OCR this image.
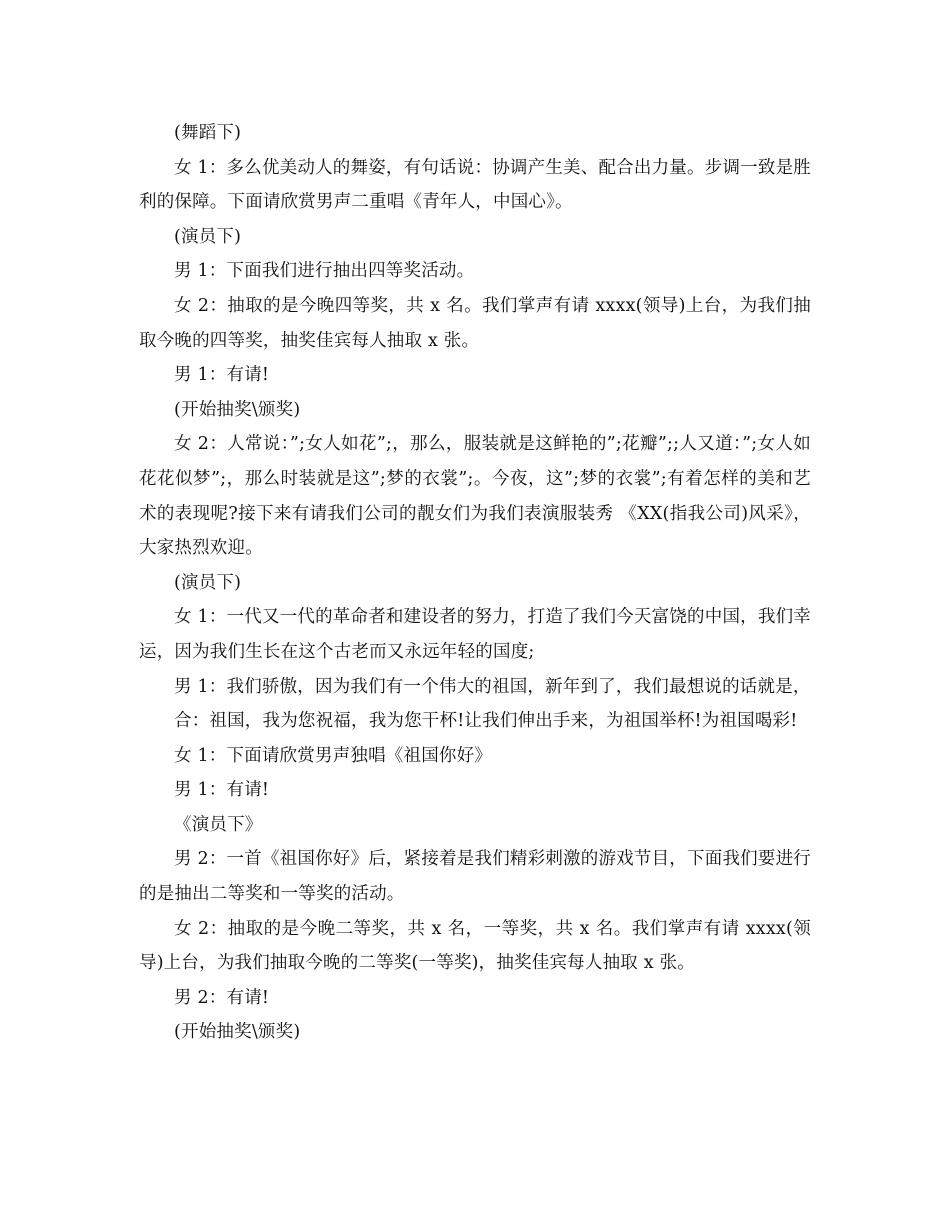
(舞蹈下)

女 1：多么优美动人的舞姿，有句话说：协调产生美、配合出力量。步调一致是胜利的保障。下面请欣赏男声二重唱《青年人，中国心》。

(演员下)

男 1：下面我们进行抽出四等奖活动。

女 2：抽取的是今晚四等奖，共 x 名。我们掌声有请 xxxx(领导)上台，为我们抽取今晚的四等奖，抽奖佳宾每人抽取 x 张。

男 1：有请!

(开始抽奖\颁奖)

女 2：人常说：”;女人如花”;，那么，服装就是这鲜艳的”;花瓣”;;人又道：”;女人如花花似梦”;，那么时装就是这”;梦的衣裳”;。今夜，这”;梦的衣裳”;有着怎样的美和艺术的表现呢?接下来有请我们公司的靓女们为我们表演服装秀 《XX(指我公司)风采》，大家热烈欢迎。

(演员下)

女 1：一代又一代的革命者和建设者的努力，打造了我们今天富饶的中国，我们幸运，因为我们生长在这个古老而又永远年轻的国度;

男 1：我们骄傲，因为我们有一个伟大的祖国，新年到了，我们最想说的话就是，

合：祖国，我为您祝福，我为您干杯!让我们伸出手来，为祖国举杯!为祖国喝彩!

女 1：下面请欣赏男声独唱《祖国你好》

男 1：有请!

《演员下》

男 2：一首《祖国你好》后，紧接着是我们精彩刺激的游戏节目，下面我们要进行的是抽出二等奖和一等奖的活动。

女 2：抽取的是今晚二等奖，共 x 名，一等奖，共 x 名。我们掌声有请 xxxx(领导)上台，为我们抽取今晚的二等奖(一等奖)，抽奖佳宾每人抽取 x 张。

男 2：有请!

(开始抽奖\颁奖)
